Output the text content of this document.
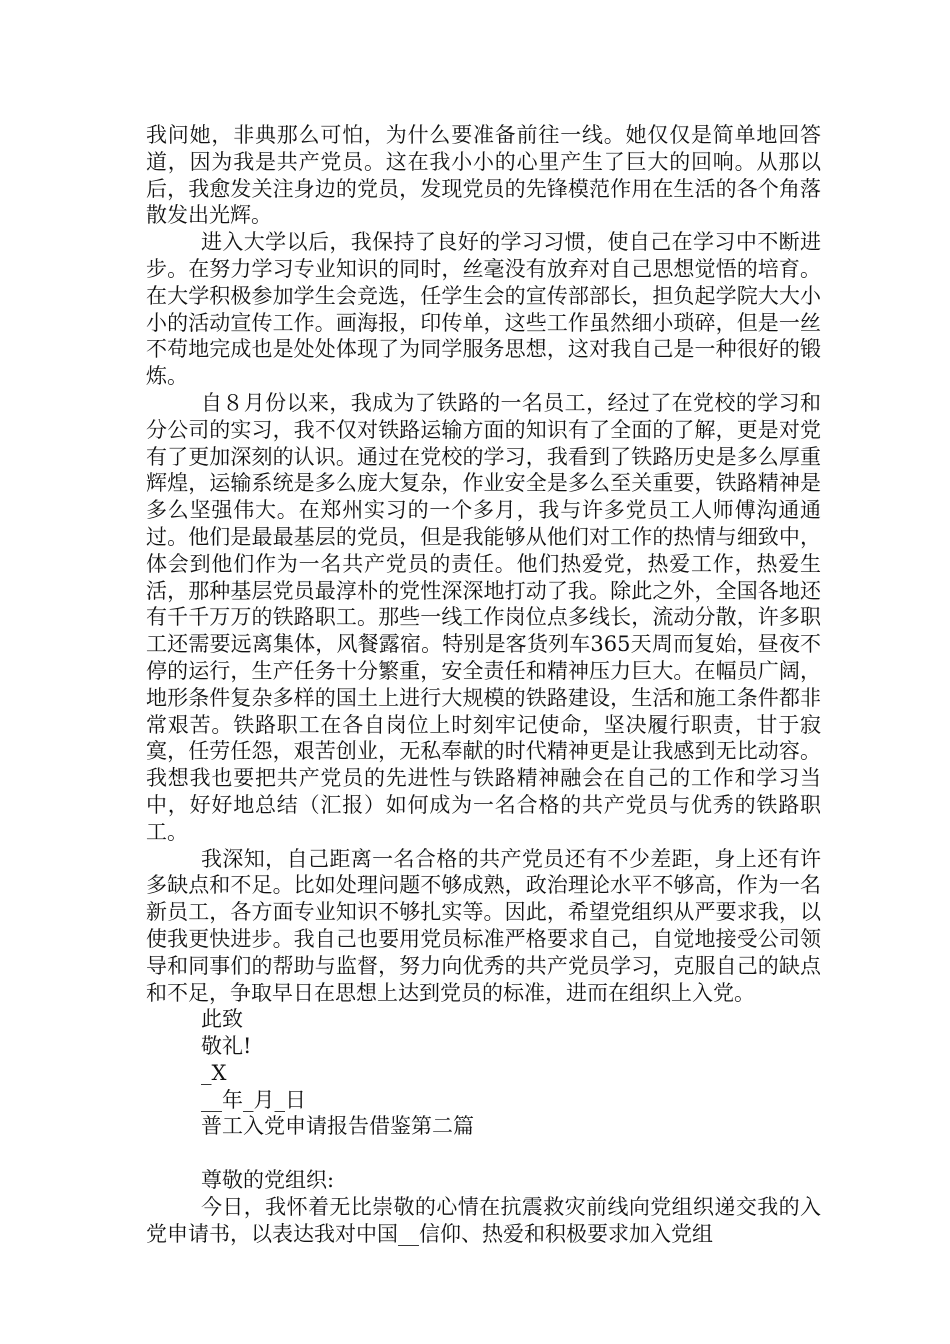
我问她，非典那么可怕，为什么要准备前往一线。她仅仅是简单地回答道，因为我是共产党员。这在我小小的心里产生了巨大的回响。从那以后，我愈发关注身边的党员，发现党员的先锋模范作用在生活的各个角落散发出光辉。

进入大学以后，我保持了良好的学习习惯，使自己在学习中不断进步。在努力学习专业知识的同时，丝毫没有放弃对自己思想觉悟的培育。在大学积极参加学生会竞选，任学生会的宣传部部长，担负起学院大大小小的活动宣传工作。画海报，印传单，这些工作虽然细小琐碎，但是一丝不苟地完成也是处处体现了为同学服务思想，这对我自己是一种很好的锻炼。

自８月份以来，我成为了铁路的一名员工，经过了在党校的学习和分公司的实习，我不仅对铁路运输方面的知识有了全面的了解，更是对党有了更加深刻的认识。通过在党校的学习，我看到了铁路历史是多么厚重辉煌，运输系统是多么庞大复杂，作业安全是多么至关重要，铁路精神是多么坚强伟大。在郑州实习的一个多月，我与许多党员工人师傅沟通通过。他们是最最基层的党员，但是我能够从他们对工作的热情与细致中，体会到他们作为一名共产党员的责任。他们热爱党，热爱工作，热爱生活，那种基层党员最淳朴的党性深深地打动了我。除此之外，全国各地还有千千万万的铁路职工。那些一线工作岗位点多线长，流动分散，许多职工还需要远离集体，风餐露宿。特别是客货列车365天周而复始，昼夜不停的运行，生产任务十分繁重，安全责任和精神压力巨大。在幅员广阔，地形条件复杂多样的国土上进行大规模的铁路建设，生活和施工条件都非常艰苦。铁路职工在各自岗位上时刻牢记使命，坚决履行职责，甘于寂寞，任劳任怨，艰苦创业，无私奉献的时代精神更是让我感到无比动容。我想我也要把共产党员的先进性与铁路精神融会在自己的工作和学习当中，好好地总结（汇报）如何成为一名合格的共产党员与优秀的铁路职工。

我深知，自己距离一名合格的共产党员还有不少差距，身上还有许多缺点和不足。比如处理问题不够成熟，政治理论水平不够高，作为一名新员工，各方面专业知识不够扎实等。因此，希望党组织从严要求我，以使我更快进步。我自己也要用党员标准严格要求自己，自觉地接受公司领导和同事们的帮助与监督，努力向优秀的共产党员学习，克服自己的缺点和不足，争取早日在思想上达到党员的标准，进而在组织上入党。

此致

敬礼!

_X

__年_月_日

普工入党申请报告借鉴第二篇

尊敬的党组织:

今日，我怀着无比崇敬的心情在抗震救灾前线向党组织递交我的入党申请书，以表达我对中国__信仰、热爱和积极要求加入党组
